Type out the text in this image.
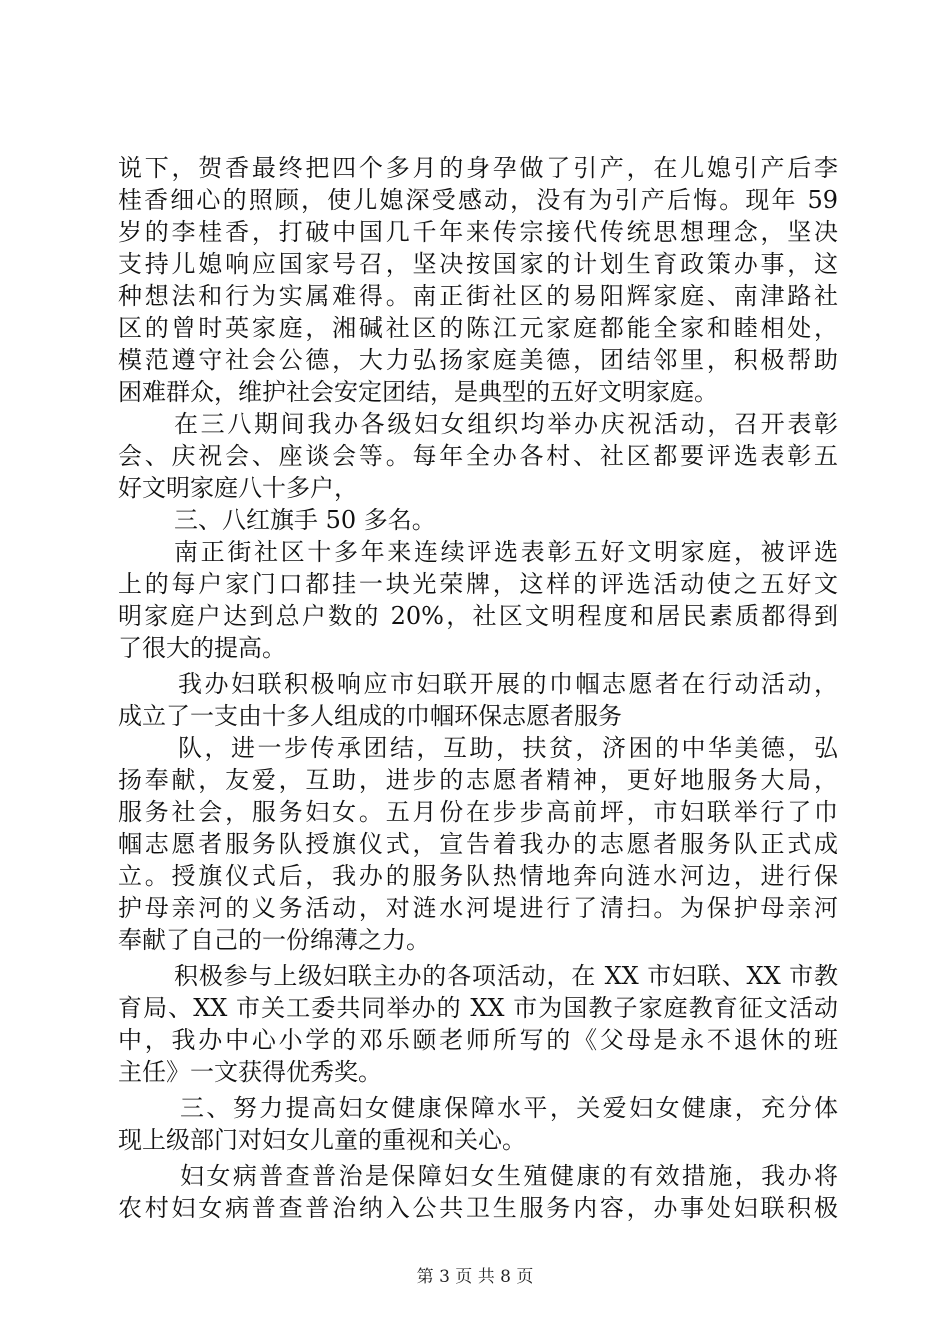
说下，贺香最终把四个多月的身孕做了引产，在儿媳引产后李
桂香细心的照顾，使儿媳深受感动，没有为引产后悔。现年 59
岁的李桂香，打破中国几千年来传宗接代传统思想理念，坚决
支持儿媳响应国家号召，坚决按国家的计划生育政策办事，这
种想法和行为实属难得。南正街社区的易阳辉家庭、南津路社
区的曾时英家庭，湘碱社区的陈江元家庭都能全家和睦相处，
模范遵守社会公德，大力弘扬家庭美德，团结邻里，积极帮助
困难群众，维护社会安定团结，是典型的五好文明家庭。
在三八期间我办各级妇女组织均举办庆祝活动，召开表彰
会、庆祝会、座谈会等。每年全办各村、社区都要评选表彰五
好文明家庭八十多户，
三、八红旗手 50 多名。
南正街社区十多年来连续评选表彰五好文明家庭，被评选
上的每户家门口都挂一块光荣牌，这样的评选活动使之五好文
明家庭户达到总户数的 20%，社区文明程度和居民素质都得到
了很大的提高。
我办妇联积极响应市妇联开展的巾帼志愿者在行动活动，
成立了一支由十多人组成的巾帼环保志愿者服务
队，进一步传承团结，互助，扶贫，济困的中华美德，弘
扬奉献，友爱，互助，进步的志愿者精神，更好地服务大局，
服务社会，服务妇女。五月份在步步高前坪，市妇联举行了巾
帼志愿者服务队授旗仪式，宣告着我办的志愿者服务队正式成
立。授旗仪式后，我办的服务队热情地奔向涟水河边，进行保
护母亲河的义务活动，对涟水河堤进行了清扫。为保护母亲河
奉献了自己的一份绵薄之力。
积极参与上级妇联主办的各项活动，在 XX 市妇联、XX 市教
育局、XX 市关工委共同举办的 XX 市为国教子家庭教育征文活动
中，我办中心小学的邓乐颐老师所写的《父母是永不退休的班
主任》一文获得优秀奖。
三、努力提高妇女健康保障水平，关爱妇女健康，充分体
现上级部门对妇女儿童的重视和关心。
妇女病普查普治是保障妇女生殖健康的有效措施，我办将
农村妇女病普查普治纳入公共卫生服务内容，办事处妇联积极
第 3 页 共 8 页
